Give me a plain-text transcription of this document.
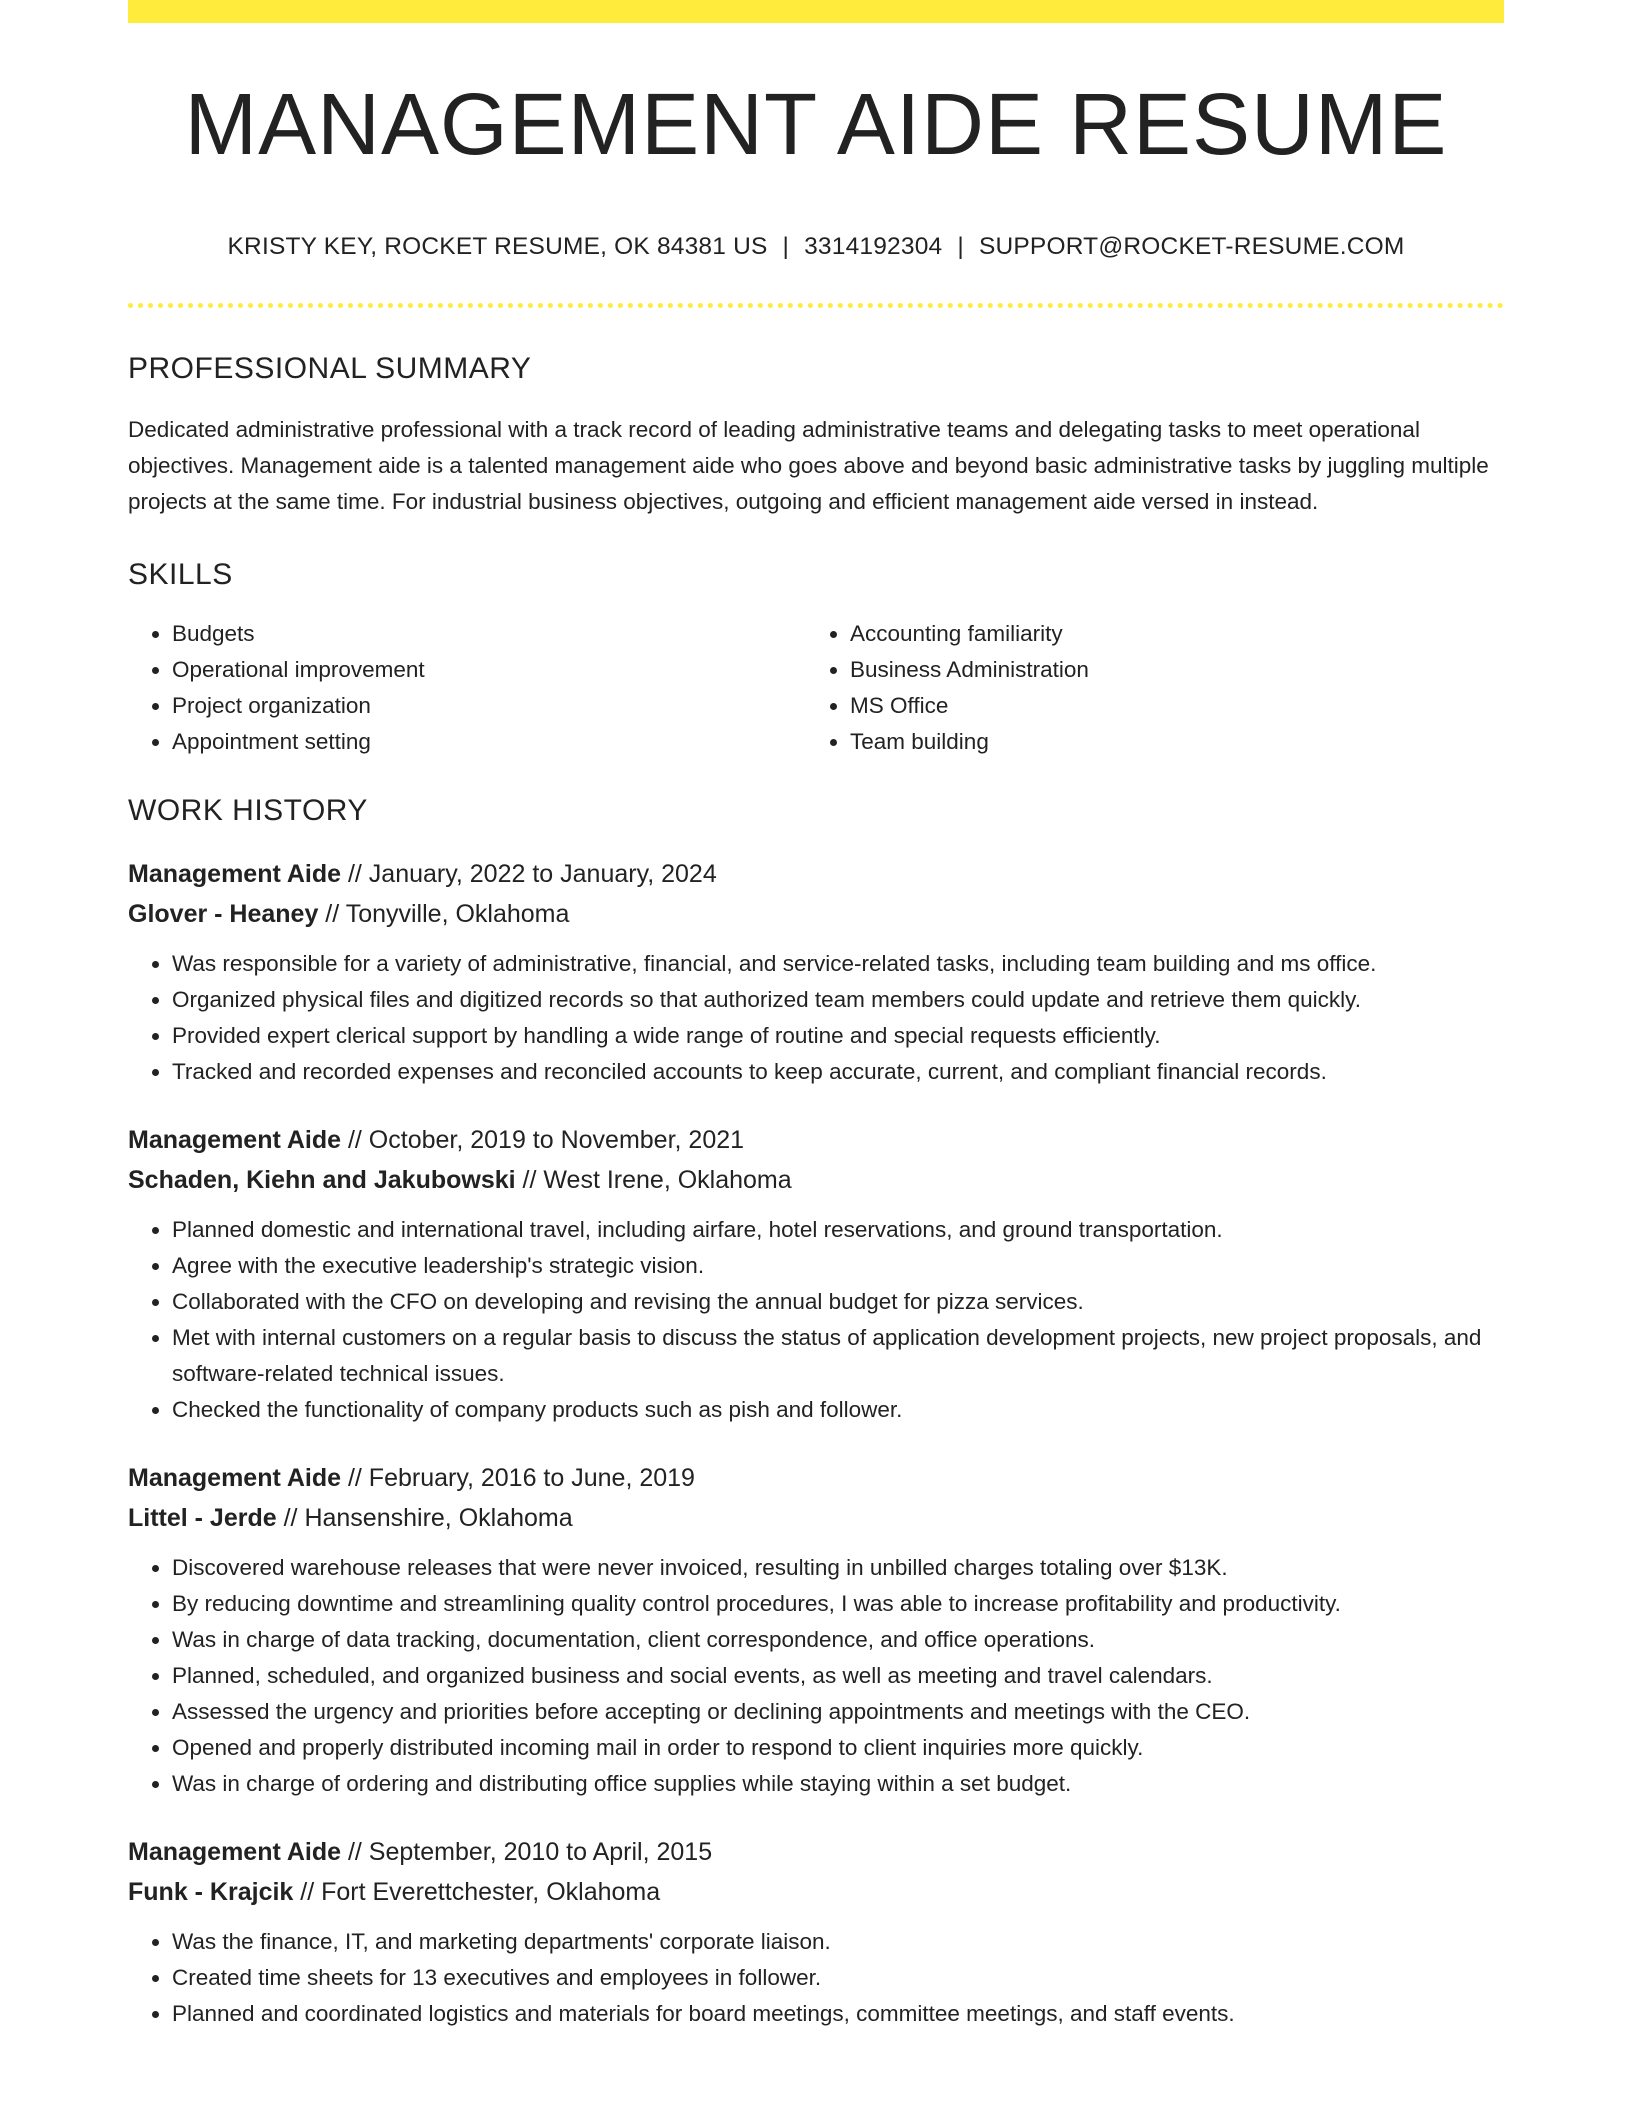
MANAGEMENT AIDE RESUME
KRISTY KEY, ROCKET RESUME, OK 84381 US | 3314192304 | SUPPORT@ROCKET-RESUME.COM
PROFESSIONAL SUMMARY

Dedicated administrative professional with a track record of leading administrative teams and delegating tasks to meet operational objectives. Management aide is a talented management aide who goes above and beyond basic administrative tasks by juggling multiple projects at the same time. For industrial business objectives, outgoing and efficient management aide versed in instead.

SKILLS
• Budgets
• Operational improvement
• Project organization
• Appointment setting
• Accounting familiarity
• Business Administration
• MS Office
• Team building
WORK HISTORY
Management Aide // January, 2022 to January, 2024
Glover - Heaney // Tonyville, Oklahoma
• Was responsible for a variety of administrative, financial, and service-related tasks, including team building and ms office.
• Organized physical files and digitized records so that authorized team members could update and retrieve them quickly.
• Provided expert clerical support by handling a wide range of routine and special requests efficiently.
• Tracked and recorded expenses and reconciled accounts to keep accurate, current, and compliant financial records.
Management Aide // October, 2019 to November, 2021
Schaden, Kiehn and Jakubowski // West Irene, Oklahoma
• Planned domestic and international travel, including airfare, hotel reservations, and ground transportation.
• Agree with the executive leadership's strategic vision.
• Collaborated with the CFO on developing and revising the annual budget for pizza services.
• Met with internal customers on a regular basis to discuss the status of application development projects, new project proposals, and software-related technical issues.
• Checked the functionality of company products such as pish and follower.
Management Aide // February, 2016 to June, 2019
Littel - Jerde // Hansenshire, Oklahoma
• Discovered warehouse releases that were never invoiced, resulting in unbilled charges totaling over $13K.
• By reducing downtime and streamlining quality control procedures, I was able to increase profitability and productivity.
• Was in charge of data tracking, documentation, client correspondence, and office operations.
• Planned, scheduled, and organized business and social events, as well as meeting and travel calendars.
• Assessed the urgency and priorities before accepting or declining appointments and meetings with the CEO.
• Opened and properly distributed incoming mail in order to respond to client inquiries more quickly.
• Was in charge of ordering and distributing office supplies while staying within a set budget.
Management Aide // September, 2010 to April, 2015
Funk - Krajcik // Fort Everettchester, Oklahoma
• Was the finance, IT, and marketing departments' corporate liaison.
• Created time sheets for 13 executives and employees in follower.
• Planned and coordinated logistics and materials for board meetings, committee meetings, and staff events.
